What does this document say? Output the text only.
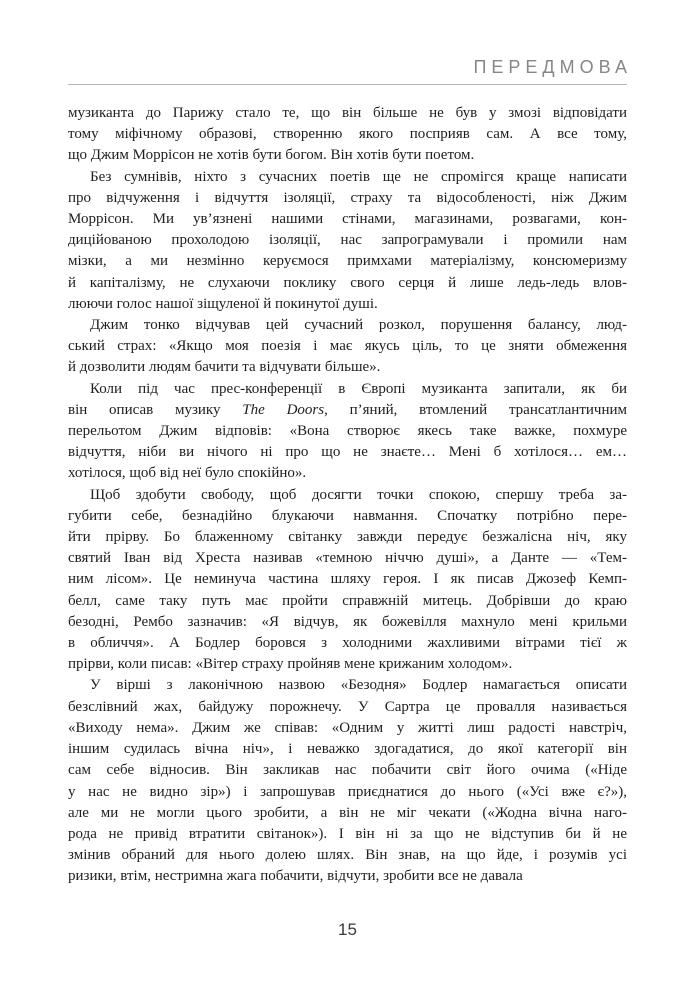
ПЕРЕДМОВА
музиканта до Парижу стало те, що він більше не був у змозі відповідати
тому міфічному образові, створенню якого посприяв сам. А все тому,
що Джим Моррісон не хотів бути богом. Він хотів бути поетом.
Без сумнівів, ніхто з сучасних поетів ще не спромігся краще написати
про відчуження і відчуття ізоляції, страху та відособленості, ніж Джим
Моррісон. Ми ув’язнені нашими стінами, магазинами, розвагами, кон-
диційованою прохолодою ізоляції, нас запрограмували і промили нам
мізки, а ми незмінно керуємося примхами матеріалізму, консюмеризму
й капіталізму, не слухаючи поклику свого серця й лише ледь-ледь влов-
люючи голос нашої зіщуленої й покинутої душі.
Джим тонко відчував цей сучасний розкол, порушення балансу, люд-
ський страх: «Якщо моя поезія і має якусь ціль, то це зняти обмеження
й дозволити людям бачити та відчувати більше».
Коли під час прес-конференції в Європі музиканта запитали, як би
він описав музику The Doors, п’яний, втомлений трансатлантичним
перельотом Джим відповів: «Вона створює якесь таке важке, похмуре
відчуття, ніби ви нічого ні про що не знаєте… Мені б хотілося… ем…
хотілося, щоб від неї було спокійно».
Щоб здобути свободу, щоб досягти точки спокою, спершу треба за-
губити себе, безнадійно блукаючи навмання. Спочатку потрібно пере-
йти прірву. Бо блаженному світанку завжди передує безжалісна ніч, яку
святий Іван від Хреста називав «темною ніччю душі», а Данте — «Тем-
ним лісом». Це неминуча частина шляху героя. І як писав Джозеф Кемп-
белл, саме таку путь має пройти справжній митець. Добрівши до краю
безодні, Рембо зазначив: «Я відчув, як божевілля махнуло мені крильми
в обличчя». А Бодлер боровся з холодними жахливими вітрами тієї ж
прірви, коли писав: «Вітер страху пройняв мене крижаним холодом».
У вірші з лаконічною назвою «Безодня» Бодлер намагається описати
безслівний жах, байдужу порожнечу. У Сартра це провалля називається
«Виходу нема». Джим же співав: «Одним у житті лиш радості навстріч,
іншим судилась вічна ніч», і неважко здогадатися, до якої категорії він
сам себе відносив. Він закликав нас побачити світ його очима («Ніде
у нас не видно зір») і запрошував приєднатися до нього («Усі вже є?»),
але ми не могли цього зробити, а він не міг чекати («Жодна вічна наго-
рода не привід втратити світанок»). І він ні за що не відступив би й не
змінив обраний для нього долею шлях. Він знав, на що йде, і розумів усі
ризики, втім, нестримна жага побачити, відчути, зробити все не давала
15
